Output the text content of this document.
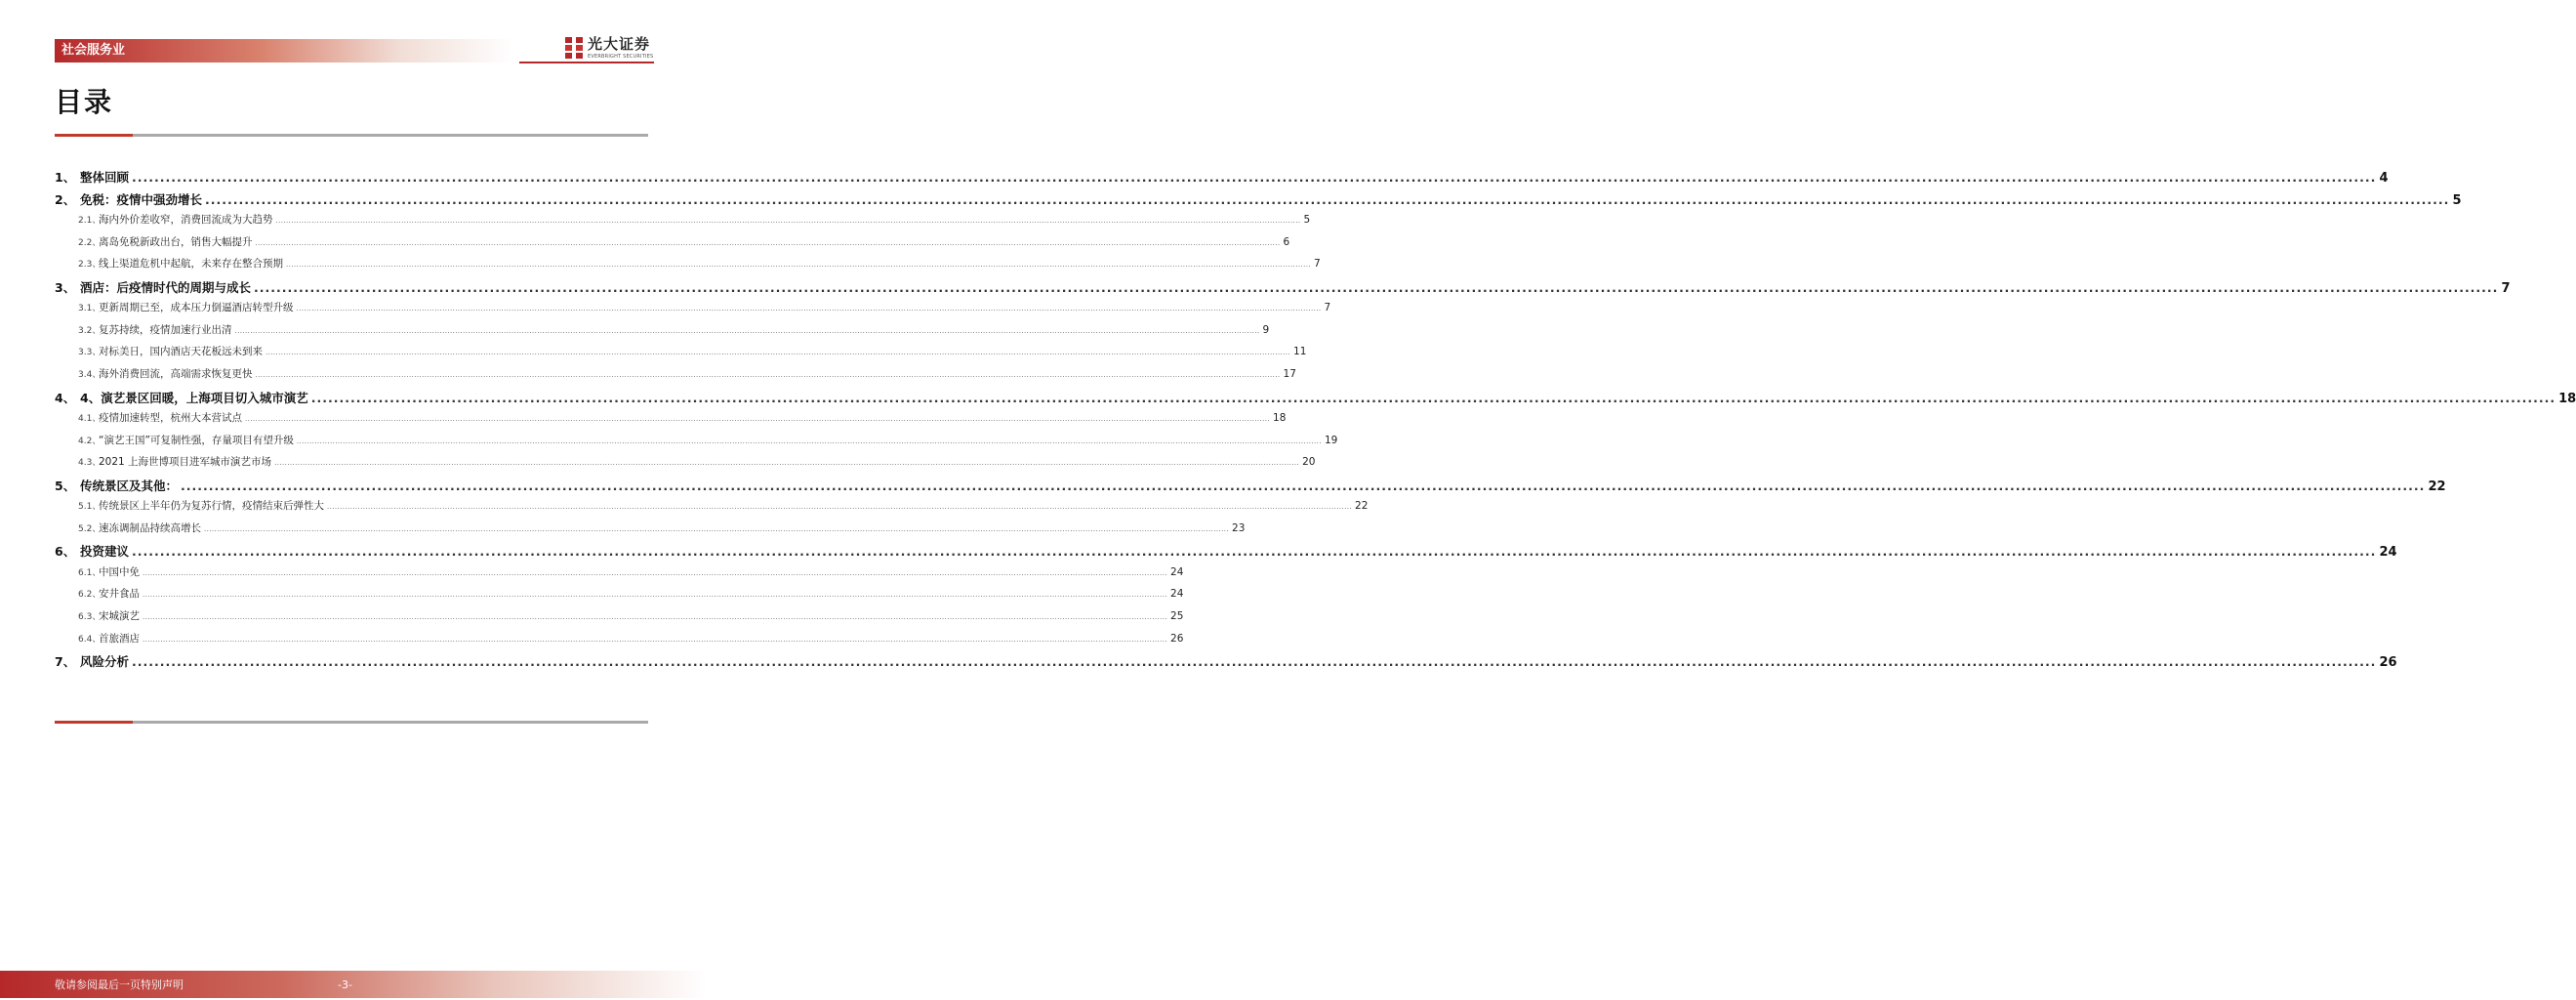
社会服务业	光大证券
EVERBRIGHT SECURITIES
目录
1、 整体回顾 ................................................................................................................................................................................................................................................................................................................................................................................................................ 4
2、 免税：疫情中强劲增长 ................................................................................................................................................................................................................................................................................................................................................................................................................ 5
2.1、
海内外价差收窄，消费回流成为大趋势 ................................................................................................................................................................................................................................................................................................................................................................................................................ 5
2.2、
离岛免税新政出台，销售大幅提升 ................................................................................................................................................................................................................................................................................................................................................................................................................ 6
2.3、
线上渠道危机中起航，未来存在整合预期 ................................................................................................................................................................................................................................................................................................................................................................................................................ 7
3、 酒店：后疫情时代的周期与成长 ................................................................................................................................................................................................................................................................................................................................................................................................................ 7
3.1、
更新周期已至，成本压力倒逼酒店转型升级 ................................................................................................................................................................................................................................................................................................................................................................................................................ 7
3.2、
复苏持续，疫情加速行业出清 ................................................................................................................................................................................................................................................................................................................................................................................................................ 9
3.3、
对标美日，国内酒店天花板远未到来 ................................................................................................................................................................................................................................................................................................................................................................................................................ 11
3.4、
海外消费回流，高端需求恢复更快 ................................................................................................................................................................................................................................................................................................................................................................................................................ 17
4、 4、演艺景区回暖，上海项目切入城市演艺 ................................................................................................................................................................................................................................................................................................................................................................................................................ 18
4.1、
疫情加速转型，杭州大本营试点 ................................................................................................................................................................................................................................................................................................................................................................................................................ 18
4.2、
“演艺王国”可复制性强，存量项目有望升级 ................................................................................................................................................................................................................................................................................................................................................................................................................ 19
4.3、
2021 上海世博项目进军城市演艺市场 ................................................................................................................................................................................................................................................................................................................................................................................................................ 20
5、 传统景区及其他： ................................................................................................................................................................................................................................................................................................................................................................................................................ 22
5.1、
传统景区上半年仍为复苏行情，疫情结束后弹性大 ................................................................................................................................................................................................................................................................................................................................................................................................................ 22
5.2、
速冻调制品持续高增长 ................................................................................................................................................................................................................................................................................................................................................................................................................ 23
6、 投资建议 ................................................................................................................................................................................................................................................................................................................................................................................................................ 24
6.1、
中国中免 ................................................................................................................................................................................................................................................................................................................................................................................................................ 24
6.2、
安井食品 ................................................................................................................................................................................................................................................................................................................................................................................................................ 24
6.3、
宋城演艺 ................................................................................................................................................................................................................................................................................................................................................................................................................ 25
6.4、
首旅酒店 ................................................................................................................................................................................................................................................................................................................................................................................................................ 26
7、 风险分析 ................................................................................................................................................................................................................................................................................................................................................................................................................ 26
敬请参阅最后一页特别声明	-3-
